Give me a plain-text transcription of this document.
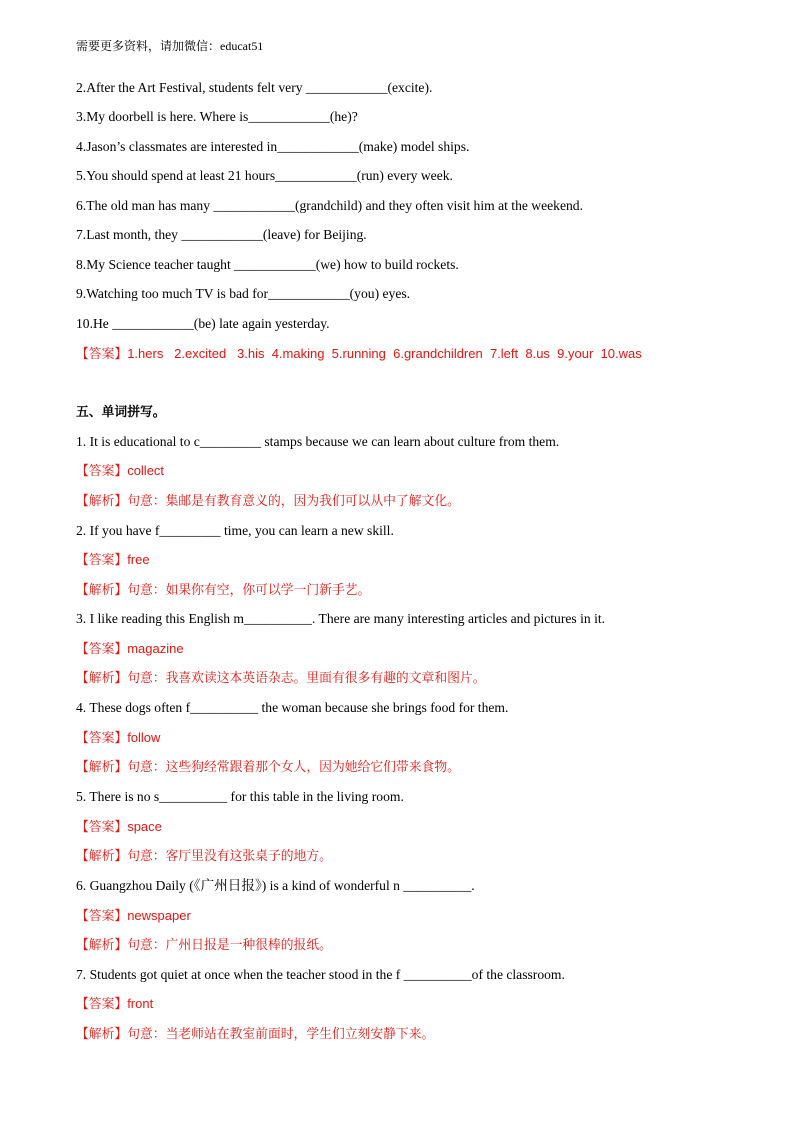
需要更多资料，请加微信：educat51
2.After the Art Festival, students felt very ____________(excite).
3.My doorbell is here. Where is____________(he)?
4.Jason’s classmates are interested in____________(make) model ships.
5.You should spend at least 21 hours____________(run) every week.
6.The old man has many ____________(grandchild) and they often visit him at the weekend.
7.Last month, they ____________(leave) for Beijing.
8.My Science teacher taught ____________(we) how to build rockets.
9.Watching too much TV is bad for____________(you) eyes.
10.He ____________(be) late again yesterday.
【答案】1.hers   2.excited   3.his  4.making  5.running  6.grandchildren  7.left  8.us  9.your  10.was
五、单词拼写。
1. It is educational to c_________ stamps because we can learn about culture from them.
【答案】collect
【解析】句意：集邮是有教育意义的，因为我们可以从中了解文化。
2. If you have f_________ time, you can learn a new skill.
【答案】free
【解析】句意：如果你有空，你可以学一门新手艺。
3. I like reading this English m__________. There are many interesting articles and pictures in it.
【答案】magazine
【解析】句意：我喜欢读这本英语杂志。里面有很多有趣的文章和图片。
4. These dogs often f__________ the woman because she brings food for them.
【答案】follow
【解析】句意：这些狗经常跟着那个女人，因为她给它们带来食物。
5. There is no s__________ for this table in the living room.
【答案】space
【解析】句意：客厅里没有这张桌子的地方。
6. Guangzhou Daily (《广州日报》) is a kind of wonderful n __________.
【答案】newspaper
【解析】句意：广州日报是一种很棒的报纸。
7. Students got quiet at once when the teacher stood in the f __________of the classroom.
【答案】front
【解析】句意：当老师站在教室前面时，学生们立刻安静下来。
